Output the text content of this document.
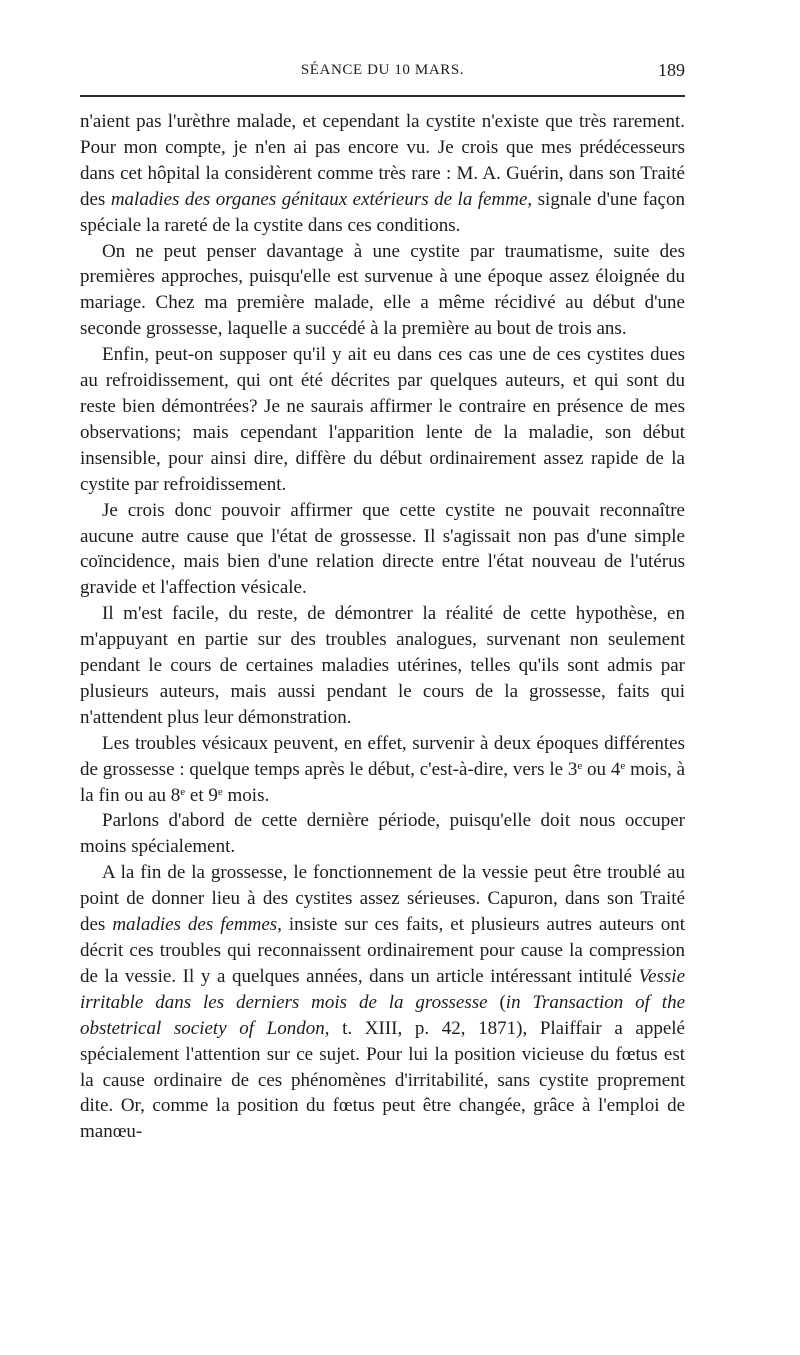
SÉANCE DU 10 MARS.	189

n'aient pas l'urèthre malade, et cependant la cystite n'existe que très rarement. Pour mon compte, je n'en ai pas encore vu. Je crois que mes prédécesseurs dans cet hôpital la considèrent comme très rare : M. A. Guérin, dans son Traité des maladies des organes génitaux extérieurs de la femme, signale d'une façon spéciale la rareté de la cystite dans ces conditions.

On ne peut penser davantage à une cystite par traumatisme, suite des premières approches, puisqu'elle est survenue à une époque assez éloignée du mariage. Chez ma première malade, elle a même récidivé au début d'une seconde grossesse, laquelle a succédé à la première au bout de trois ans.

Enfin, peut-on supposer qu'il y ait eu dans ces cas une de ces cystites dues au refroidissement, qui ont été décrites par quelques auteurs, et qui sont du reste bien démontrées? Je ne saurais affirmer le contraire en présence de mes observations; mais cependant l'apparition lente de la maladie, son début insensible, pour ainsi dire, diffère du début ordinairement assez rapide de la cystite par refroidissement.

Je crois donc pouvoir affirmer que cette cystite ne pouvait reconnaître aucune autre cause que l'état de grossesse. Il s'agissait non pas d'une simple coïncidence, mais bien d'une relation directe entre l'état nouveau de l'utérus gravide et l'affection vésicale.

Il m'est facile, du reste, de démontrer la réalité de cette hypothèse, en m'appuyant en partie sur des troubles analogues, survenant non seulement pendant le cours de certaines maladies utérines, telles qu'ils sont admis par plusieurs auteurs, mais aussi pendant le cours de la grossesse, faits qui n'attendent plus leur démonstration.

Les troubles vésicaux peuvent, en effet, survenir à deux époques différentes de grossesse : quelque temps après le début, c'est-à-dire, vers le 3e ou 4e mois, à la fin ou au 8e et 9e mois.

Parlons d'abord de cette dernière période, puisqu'elle doit nous occuper moins spécialement.

A la fin de la grossesse, le fonctionnement de la vessie peut être troublé au point de donner lieu à des cystites assez sérieuses. Capuron, dans son Traité des maladies des femmes, insiste sur ces faits, et plusieurs autres auteurs ont décrit ces troubles qui reconnaissent ordinairement pour cause la compression de la vessie. Il y a quelques années, dans un article intéressant intitulé Vessie irritable dans les derniers mois de la grossesse (in Transaction of the obstetrical society of London, t. XIII, p. 42, 1871), Plaiffair a appelé spécialement l'attention sur ce sujet. Pour lui la position vicieuse du fœtus est la cause ordinaire de ces phénomènes d'irritabilité, sans cystite proprement dite. Or, comme la position du fœtus peut être changée, grâce à l'emploi de manœu-
